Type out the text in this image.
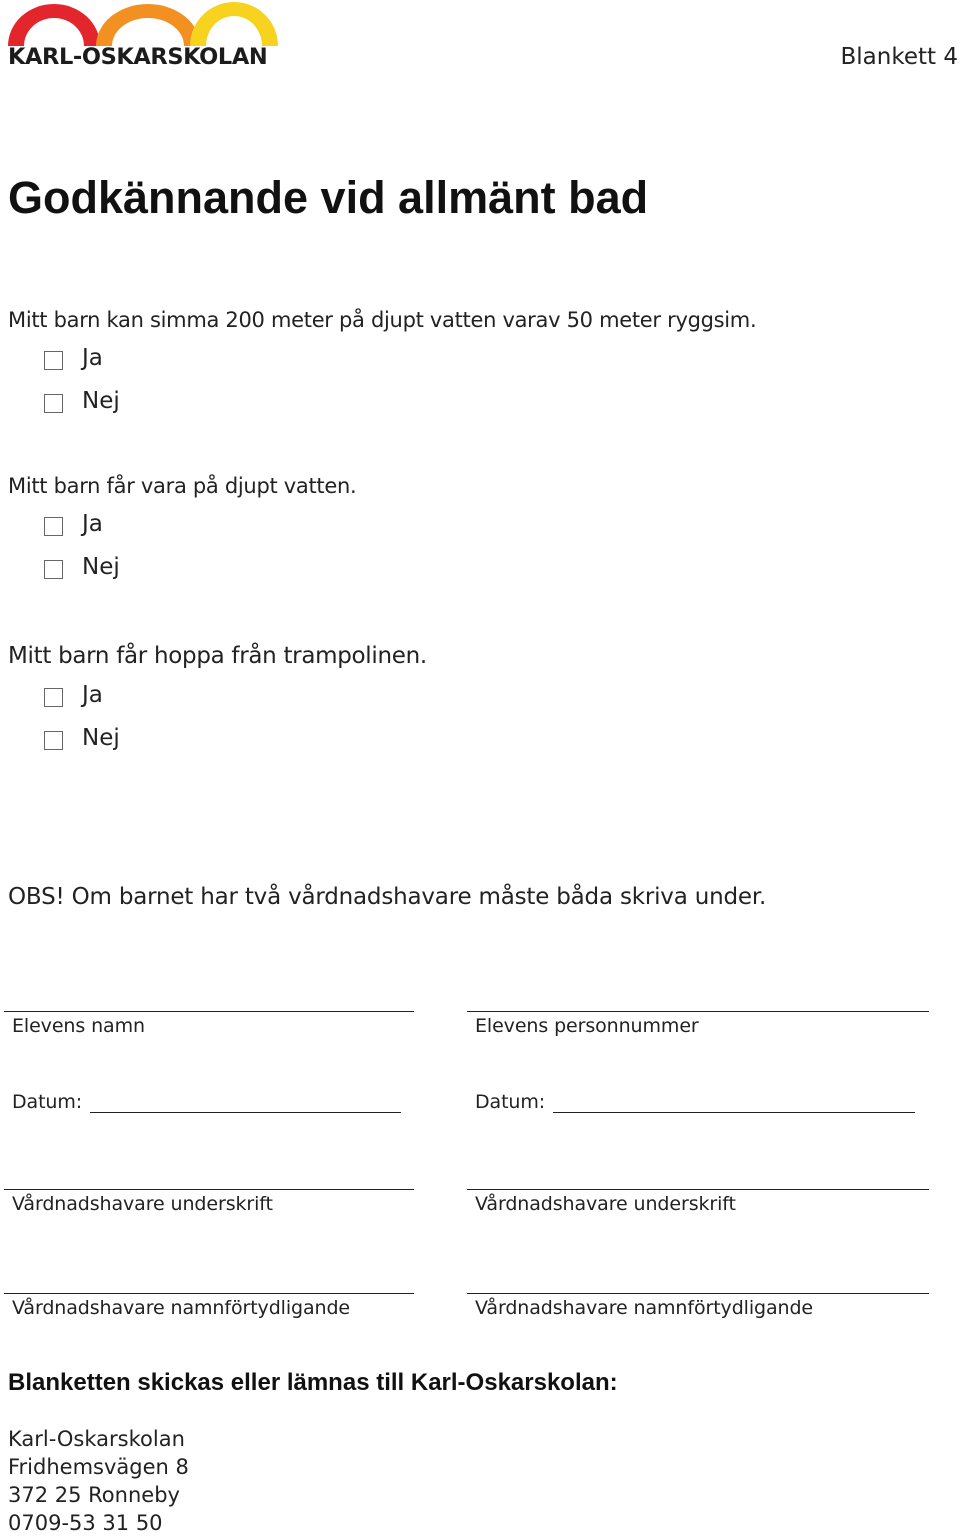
KARL-OSKARSKOLAN	Blankett 4
Godkännande vid allmänt bad
Mitt barn kan simma 200 meter på djupt vatten varav 50 meter ryggsim.
Ja
Nej
Mitt barn får vara på djupt vatten.
Ja
Nej
Mitt barn får hoppa från trampolinen.
Ja
Nej
OBS! Om barnet har två vårdnadshavare måste båda skriva under.
Elevens namn	Elevens personnummer
Datum:	Datum:
Vårdnadshavare underskrift	Vårdnadshavare underskrift
Vårdnadshavare namnförtydligande	Vårdnadshavare namnförtydligande
Blanketten skickas eller lämnas till Karl-Oskarskolan:
Karl-Oskarskolan
Fridhemsvägen 8
372 25 Ronneby
0709-53 31 50
